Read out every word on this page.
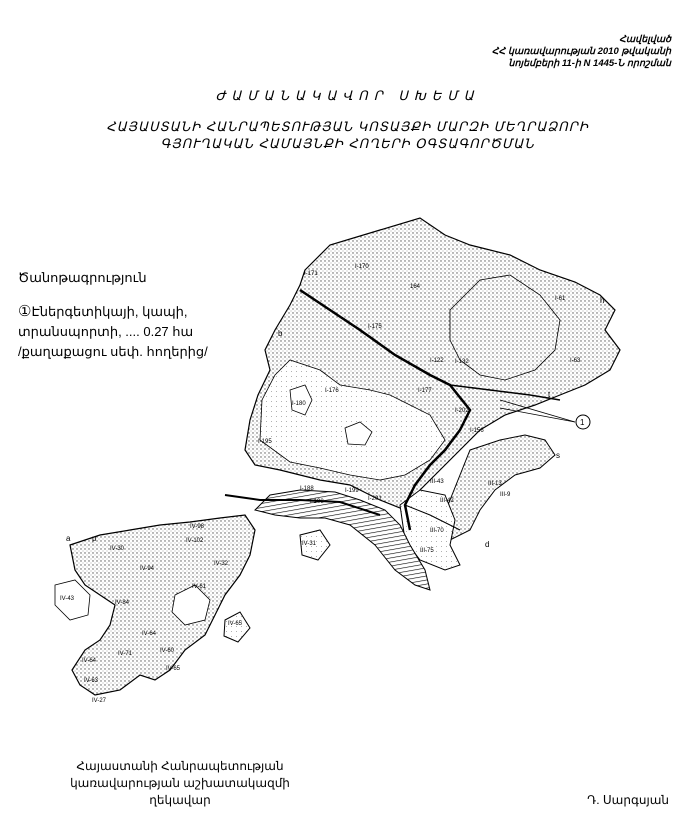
Հավելված
ՀՀ կառավարության 2010 թվականի
նոյեմբերի 11-ի N 1445-Ն որոշման
ԺԱՄԱՆԱԿԱՎՈՐ ՍԽԵՄԱ
ՀԱՅԱՍՏԱՆԻ ՀԱՆՐԱՊԵՏՈՒԹՅԱՆ ԿՈՏԱՅՔԻ ՄԱՐԶԻ ՄԵՂՐԱՁՈՐԻ
ԳՅՈՒՂԱԿԱՆ ՀԱՄԱՅՆՔԻ ՀՈՂԵՐԻ ՕԳՏԱԳՈՐԾՄԱՆ
Ծանոթագրություն
①Էներգետիկայի, կապի,
տրանսպորտի, .... 0.27 հա
/քաղաքացու սեփ. հողերից/
1
b
h
s
p
t
d
a
I-170
I-171
164
I-175
I-176	I-177
I-188
I-61
I-63
I-195
I-156
I-132
I-198
I-199
I-202
I-201
III-43
III-42
III-13
III-70
III-75
III-9
IV-102
IV-98
IV-94
IV-32
IV-61
IV-84
IV-43
IV-64
IV-71
IV-65
IV-64
IV-27
IV-30
I-180
I-122
IV-65
IV-31
IV-60
IV-63
Հայաստանի Հանրապետության
կառավարության աշխատակազմի
ղեկավար	Դ. Սարգսյան
